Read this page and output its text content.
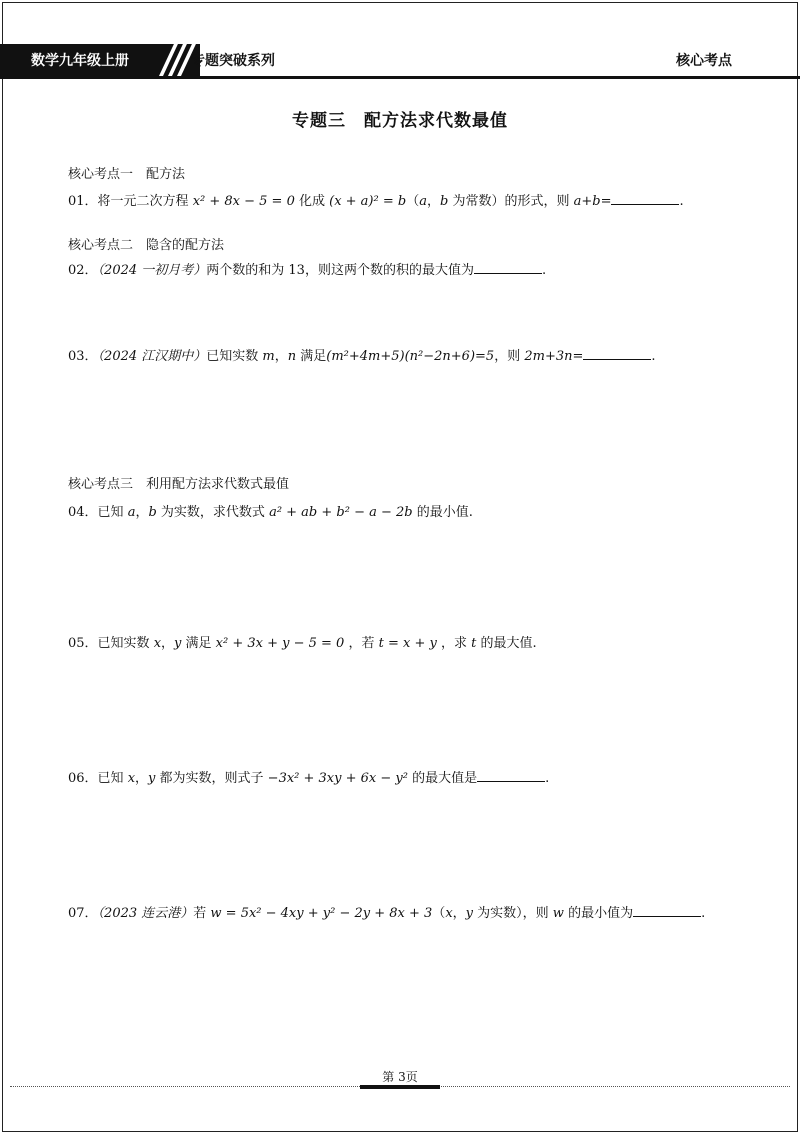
数学九年级上册	专题突破系列	核心考点
专题三　配方法求代数最值
核心考点一　配方法
01．将一元二次方程 x² + 8x − 5 = 0 化成 (x + a)² = b（a，b 为常数）的形式，则 a+b=	.
核心考点二　隐含的配方法
02．（2024 一初月考）两个数的和为 13，则这两个数的积的最大值为	.
03．（2024 江汉期中）已知实数 m，n 满足(m²+4m+5)(n²−2n+6)=5，则 2m+3n=	.
核心考点三　利用配方法求代数式最值
04．已知 a，b 为实数，求代数式 a² + ab + b² − a − 2b 的最小值.
05．已知实数 x，y 满足 x² + 3x + y − 5 = 0 ，若 t = x + y ，求 t 的最大值.
06．已知 x，y 都为实数，则式子 −3x² + 3xy + 6x − y² 的最大值是	.
07．（2023 连云港）若 w = 5x² − 4xy + y² − 2y + 8x + 3（x，y 为实数），则 w 的最小值为	.
第 3页
